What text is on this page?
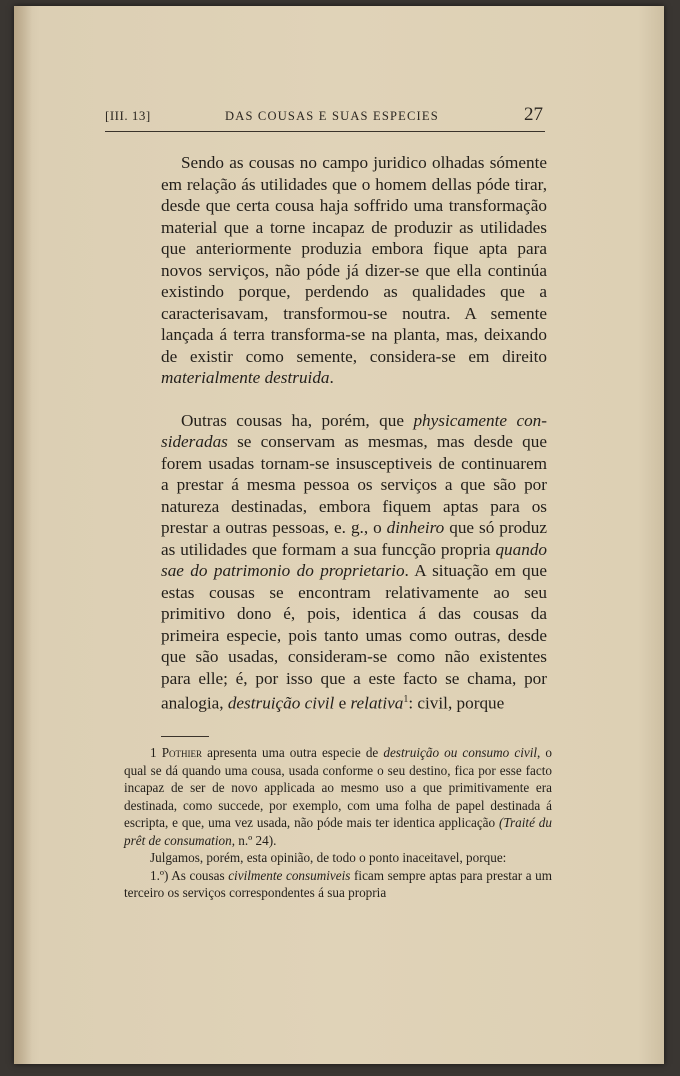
[III. 13]	DAS COUSAS E SUAS ESPECIES	27

Sendo as cousas no campo juridico olhadas sómente em relação ás utilidades que o homem dellas póde tirar, desde que certa cousa haja soffrido uma transformação material que a torne incapaz de produzir as utilidades que anteriormente produzia embora fique apta para novos serviços, não póde já dizer-se que ella continúa existindo porque, perdendo as qualidades que a caracterisavam, transformou-se noutra. A semente lançada á terra transforma-se na planta, mas, deixando de existir como semente, considera-se em direito materialmente destruida.

Outras cousas ha, porém, que physicamente consideradas se conservam as mesmas, mas desde que forem usadas tornam-se insusceptiveis de continuarem a prestar á mesma pessoa os serviços a que são por natureza destinadas, embora fiquem aptas para os prestar a outras pessoas, e. g., o dinheiro que só produz as utilidades que formam a sua funcção propria quando sae do patrimonio do proprietario. A situação em que estas cousas se encontram relativamente ao seu primitivo dono é, pois, identica á das cousas da primeira especie, pois tanto umas como outras, desde que são usadas, consideram-se como não existentes para elle; é, por isso que a este facto se chama, por analogia, destruição civil e relativa$^1$: civil, porque

1 Pothier apresenta uma outra especie de destruição ou consumo civil, o qual se dá quando uma cousa, usada conforme o seu destino, fica por esse facto incapaz de ser de novo applicada ao mesmo uso a que primitivamente era destinada, como succede, por exemplo, com uma folha de papel destinada á escripta, e que, uma vez usada, não póde mais ter identica applicação (Traité du prêt de consumation, n.º 24).

Julgamos, porém, esta opinião, de todo o ponto inaceitavel, porque:

1.º) As cousas civilmente consumiveis ficam sempre aptas para prestar a um terceiro os serviços correspondentes á sua propria
